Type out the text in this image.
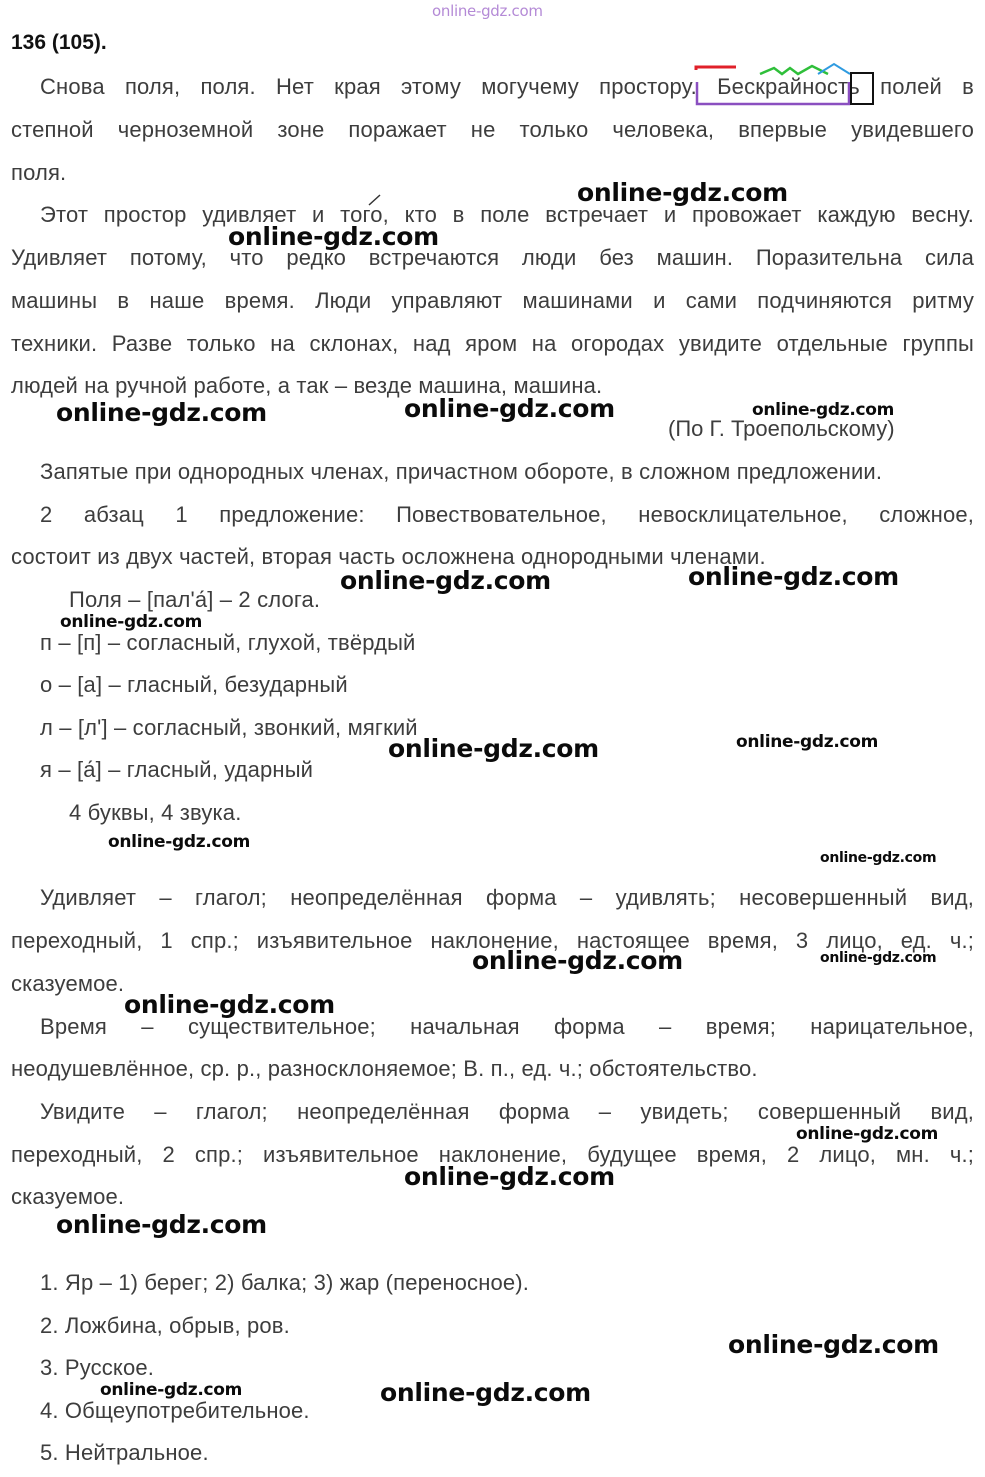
online-gdz.com
136 (105).
Снова поля, поля. Нет края этому могучему простору. Бескрайность полей в
степной черноземной зоне поражает не только человека, впервые увидевшего
поля.
Этот простор удивляет и того, кто в поле встречает и провожает каждую весну.
Удивляет потому, что редко встречаются люди без машин. Поразительна сила
машины в наше время. Люди управляют машинами и сами подчиняются ритму
техники. Разве только на склонах, над яром на огородах увидите отдельные группы
людей на ручной работе, а так – везде машина, машина.
(По Г. Троепольскому)
Запятые при однородных членах, причастном обороте, в сложном предложении.
2 абзац 1 предложение: Повествовательное, невосклицательное, сложное,
состоит из двух частей, вторая часть осложнена однородными членами.
Поля – [пал'а́] – 2 слога.
п – [п] – согласный, глухой, твёрдый
о – [а] – гласный, безударный
л – [л'] – согласный, звонкий, мягкий
я – [а́] – гласный, ударный
4 буквы, 4 звука.
Удивляет – глагол; неопределённая форма – удивлять; несовершенный вид,
переходный, 1 спр.; изъявительное наклонение, настоящее время, 3 лицо, ед. ч.;
сказуемое.
Время – существительное; начальная форма – время; нарицательное,
неодушевлённое, ср. р., разносклоняемое; В. п., ед. ч.; обстоятельство.
Увидите – глагол; неопределённая форма – увидеть; совершенный вид,
переходный, 2 спр.; изъявительное наклонение, будущее время, 2 лицо, мн. ч.;
сказуемое.
1. Яр – 1) берег; 2) балка; 3) жар (переносное).
2. Ложбина, обрыв, ров.
3. Русское.
4. Общеупотребительное.
5. Нейтральное.
online-gdz.com
online-gdz.com
online-gdz.com	online-gdz.com	online-gdz.com
online-gdz.com	online-gdz.com
online-gdz.com
online-gdz.com	online-gdz.com
online-gdz.com
online-gdz.com
online-gdz.com	online-gdz.com
online-gdz.com
online-gdz.com
online-gdz.com
online-gdz.com
online-gdz.com
online-gdz.com	online-gdz.com
